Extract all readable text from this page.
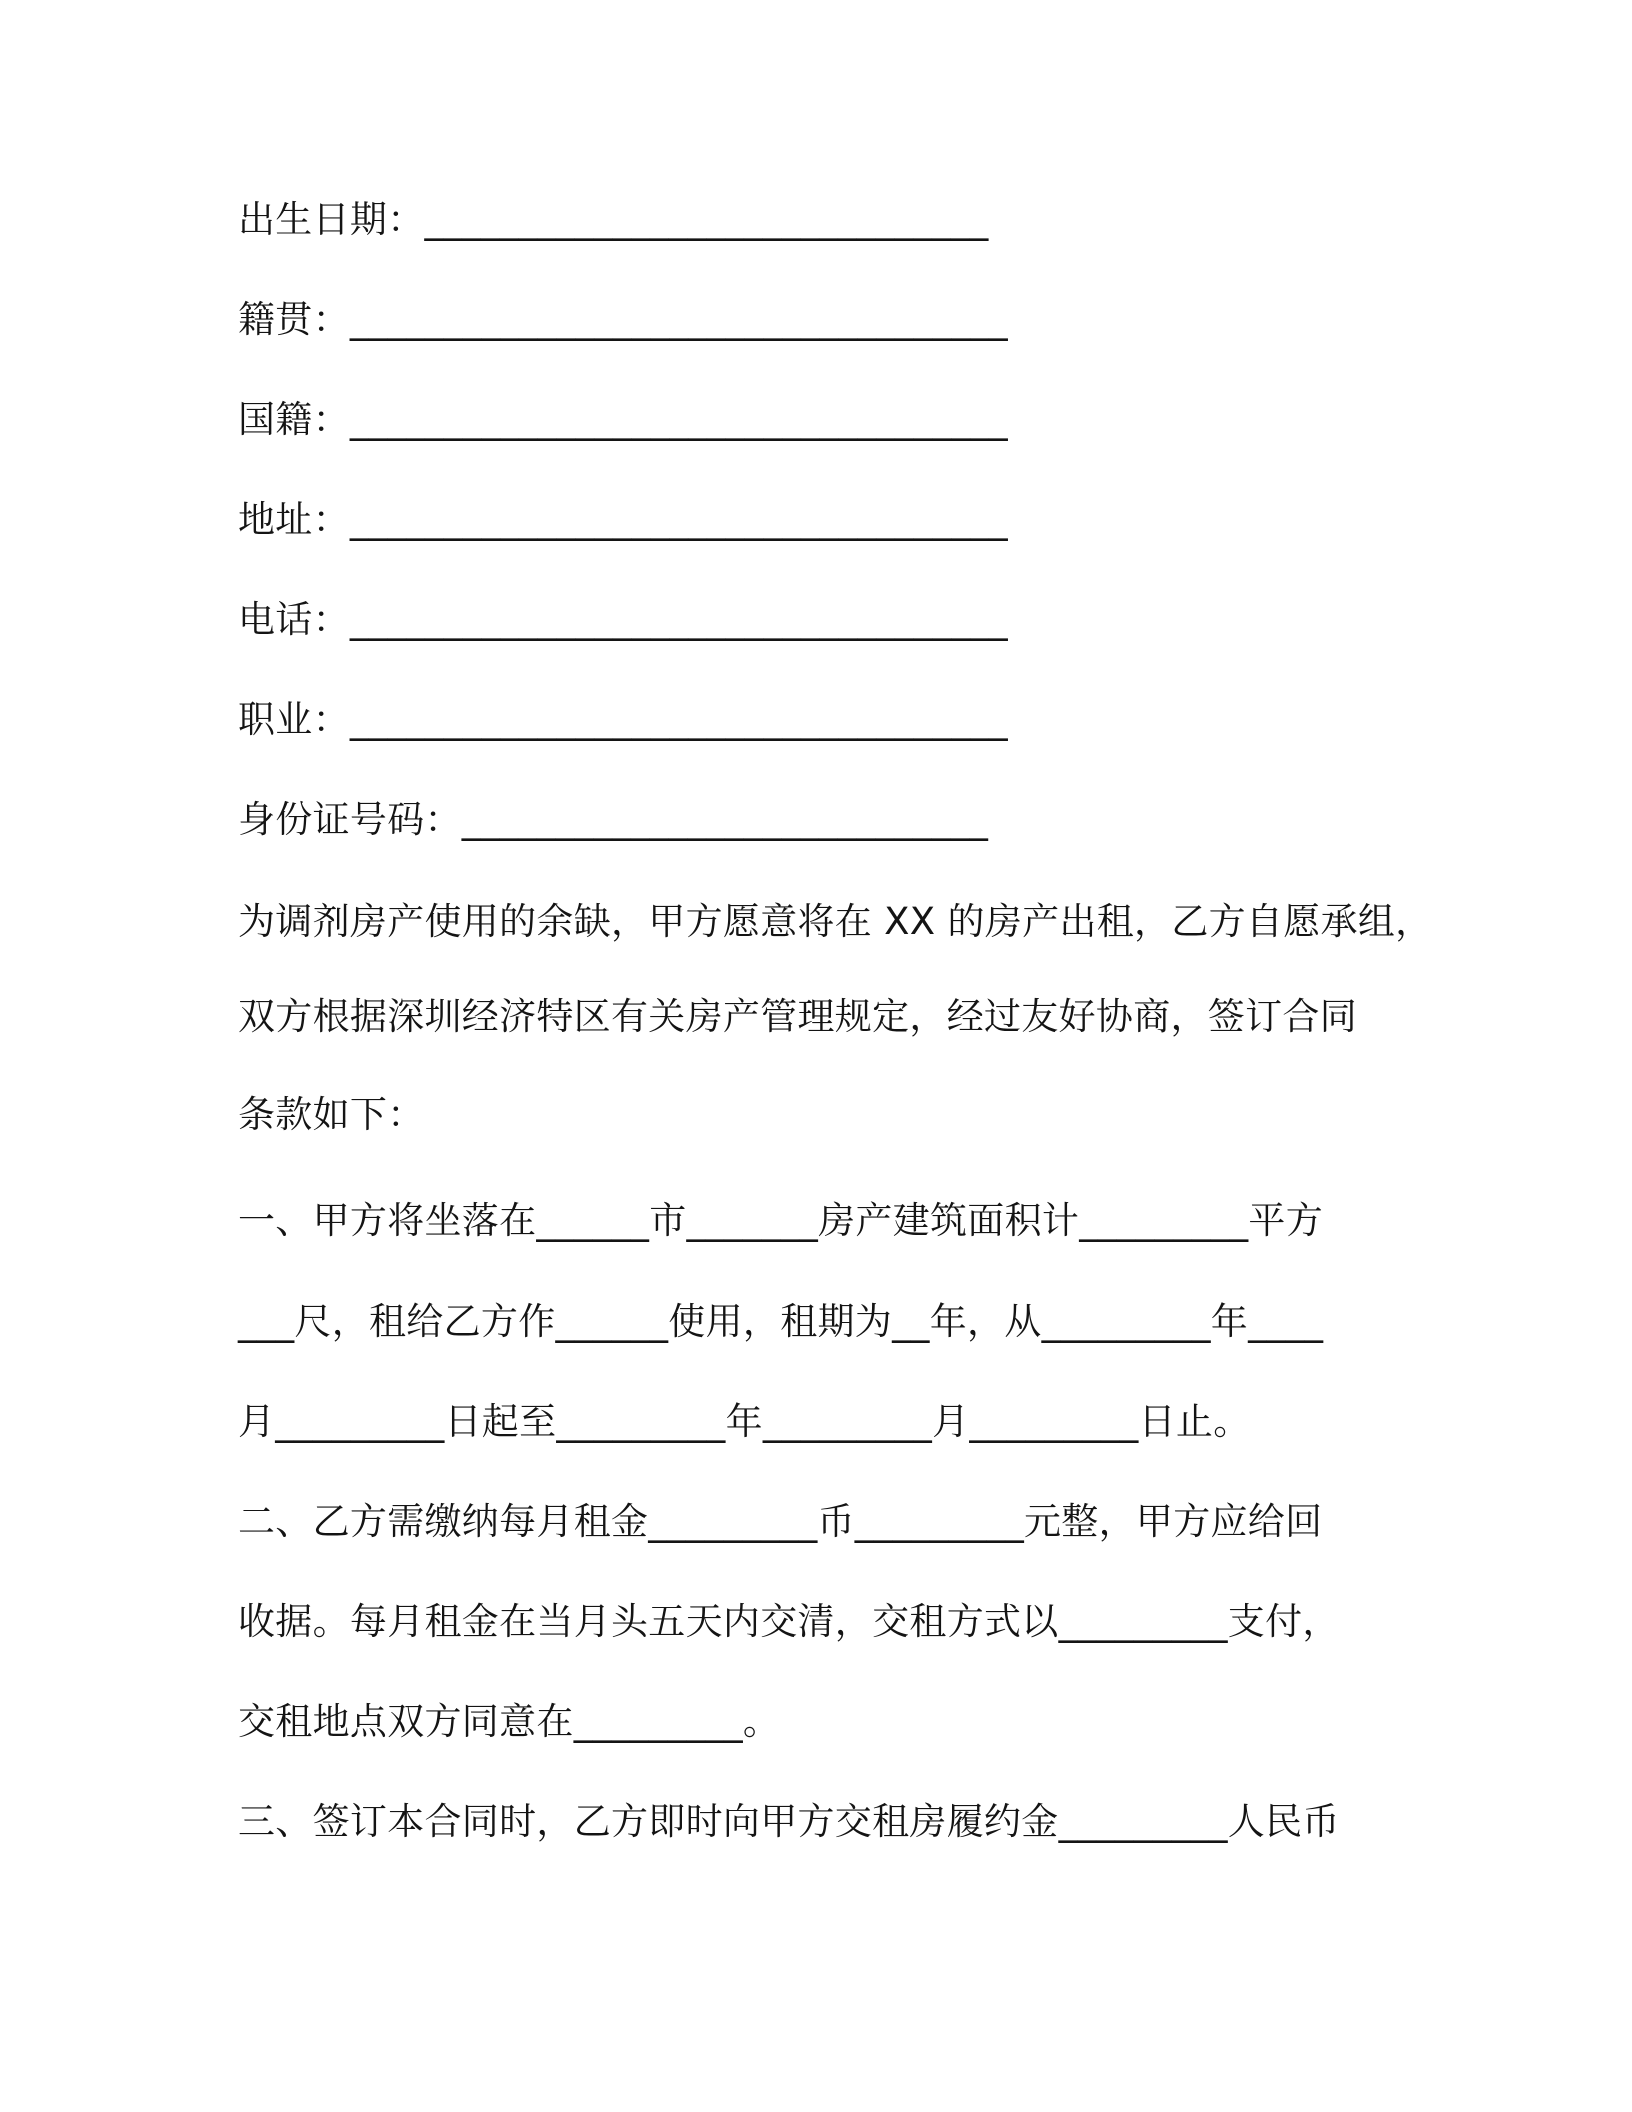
出生日期：______________________________
籍贯：___________________________________
国籍：___________________________________
地址：___________________________________
电话：___________________________________
职业：___________________________________
身份证号码：____________________________
为调剂房产使用的余缺，甲方愿意将在 XX 的房产出租，乙方自愿承组，
双方根据深圳经济特区有关房产管理规定，经过友好协商，签订合同
条款如下：
一、甲方将坐落在______市_______房产建筑面积计_________平方
___尺，租给乙方作______使用，租期为__年，从_________年____
月_________日起至_________年_________月_________日止。
二、乙方需缴纳每月租金_________币_________元整，甲方应给回
收据。每月租金在当月头五天内交清，交租方式以_________支付，
交租地点双方同意在_________。
三、签订本合同时，乙方即时向甲方交租房履约金_________人民币
